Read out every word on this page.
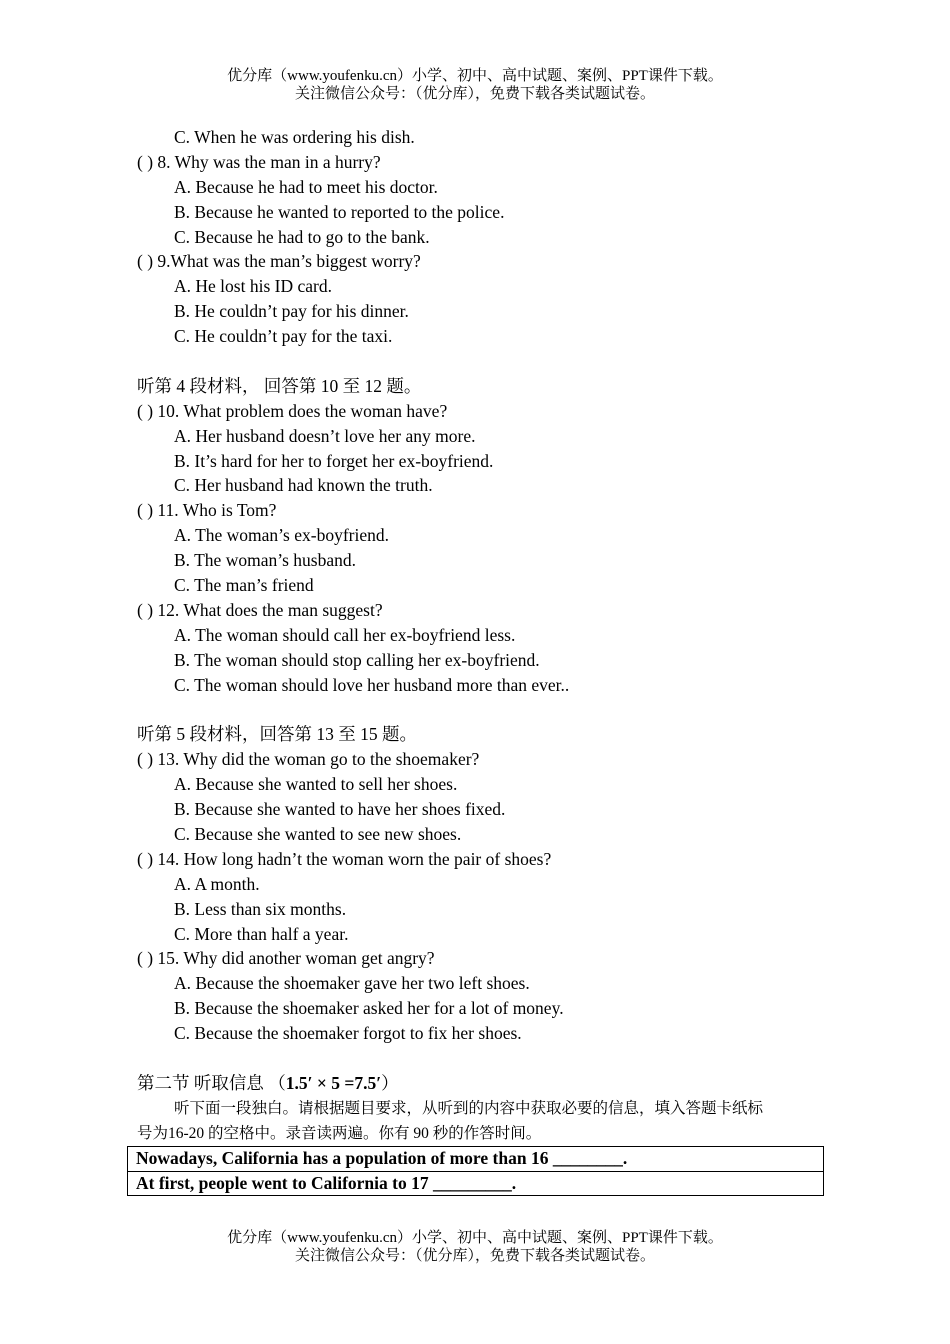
优分库（www.youfenku.cn）小学、初中、高中试题、案例、PPT课件下载。
关注微信公众号：（优分库），免费下载各类试题试卷。
C. When he was ordering his dish.
( ) 8. Why was the man in a hurry?
A. Because he had to meet his doctor.
B. Because he wanted to reported to the police.
C. Because he had to go to the bank.
( ) 9.What was the man’s biggest worry?
A. He lost his ID card.
B. He couldn’t pay for his dinner.
C. He couldn’t pay for the taxi.
听第 4 段材料， 回答第 10 至 12 题。
( ) 10. What problem does the woman have?
A. Her husband doesn’t love her any more.
B. It’s hard for her to forget her ex-boyfriend.
C. Her husband had known the truth.
( ) 11. Who is Tom?
A. The woman’s ex-boyfriend.
B. The woman’s husband.
C. The man’s friend
( ) 12. What does the man suggest?
A. The woman should call her ex-boyfriend less.
B. The woman should stop calling her ex-boyfriend.
C. The woman should love her husband more than ever..
听第 5 段材料，回答第 13 至 15 题。
( ) 13. Why did the woman go to the shoemaker?
A. Because she wanted to sell her shoes.
B. Because she wanted to have her shoes fixed.
C. Because she wanted to see new shoes.
( ) 14. How long hadn’t the woman worn the pair of shoes?
A. A month.
B. Less than six months.
C. More than half a year.
( ) 15. Why did another woman get angry?
A. Because the shoemaker gave her two left shoes.
B. Because the shoemaker asked her for a lot of money.
C. Because the shoemaker forgot to fix her shoes.
第二节 听取信息 （1.5′ × 5 =7.5′）
听下面一段独白。请根据题目要求，从听到的内容中获取必要的信息，填入答题卡纸标
号为16-20 的空格中。录音读两遍。你有 90 秒的作答时间。
Nowadays, California has a population of more than 16 ________.
At first, people went to California to 17 _________.
优分库（www.youfenku.cn）小学、初中、高中试题、案例、PPT课件下载。
关注微信公众号：（优分库），免费下载各类试题试卷。
